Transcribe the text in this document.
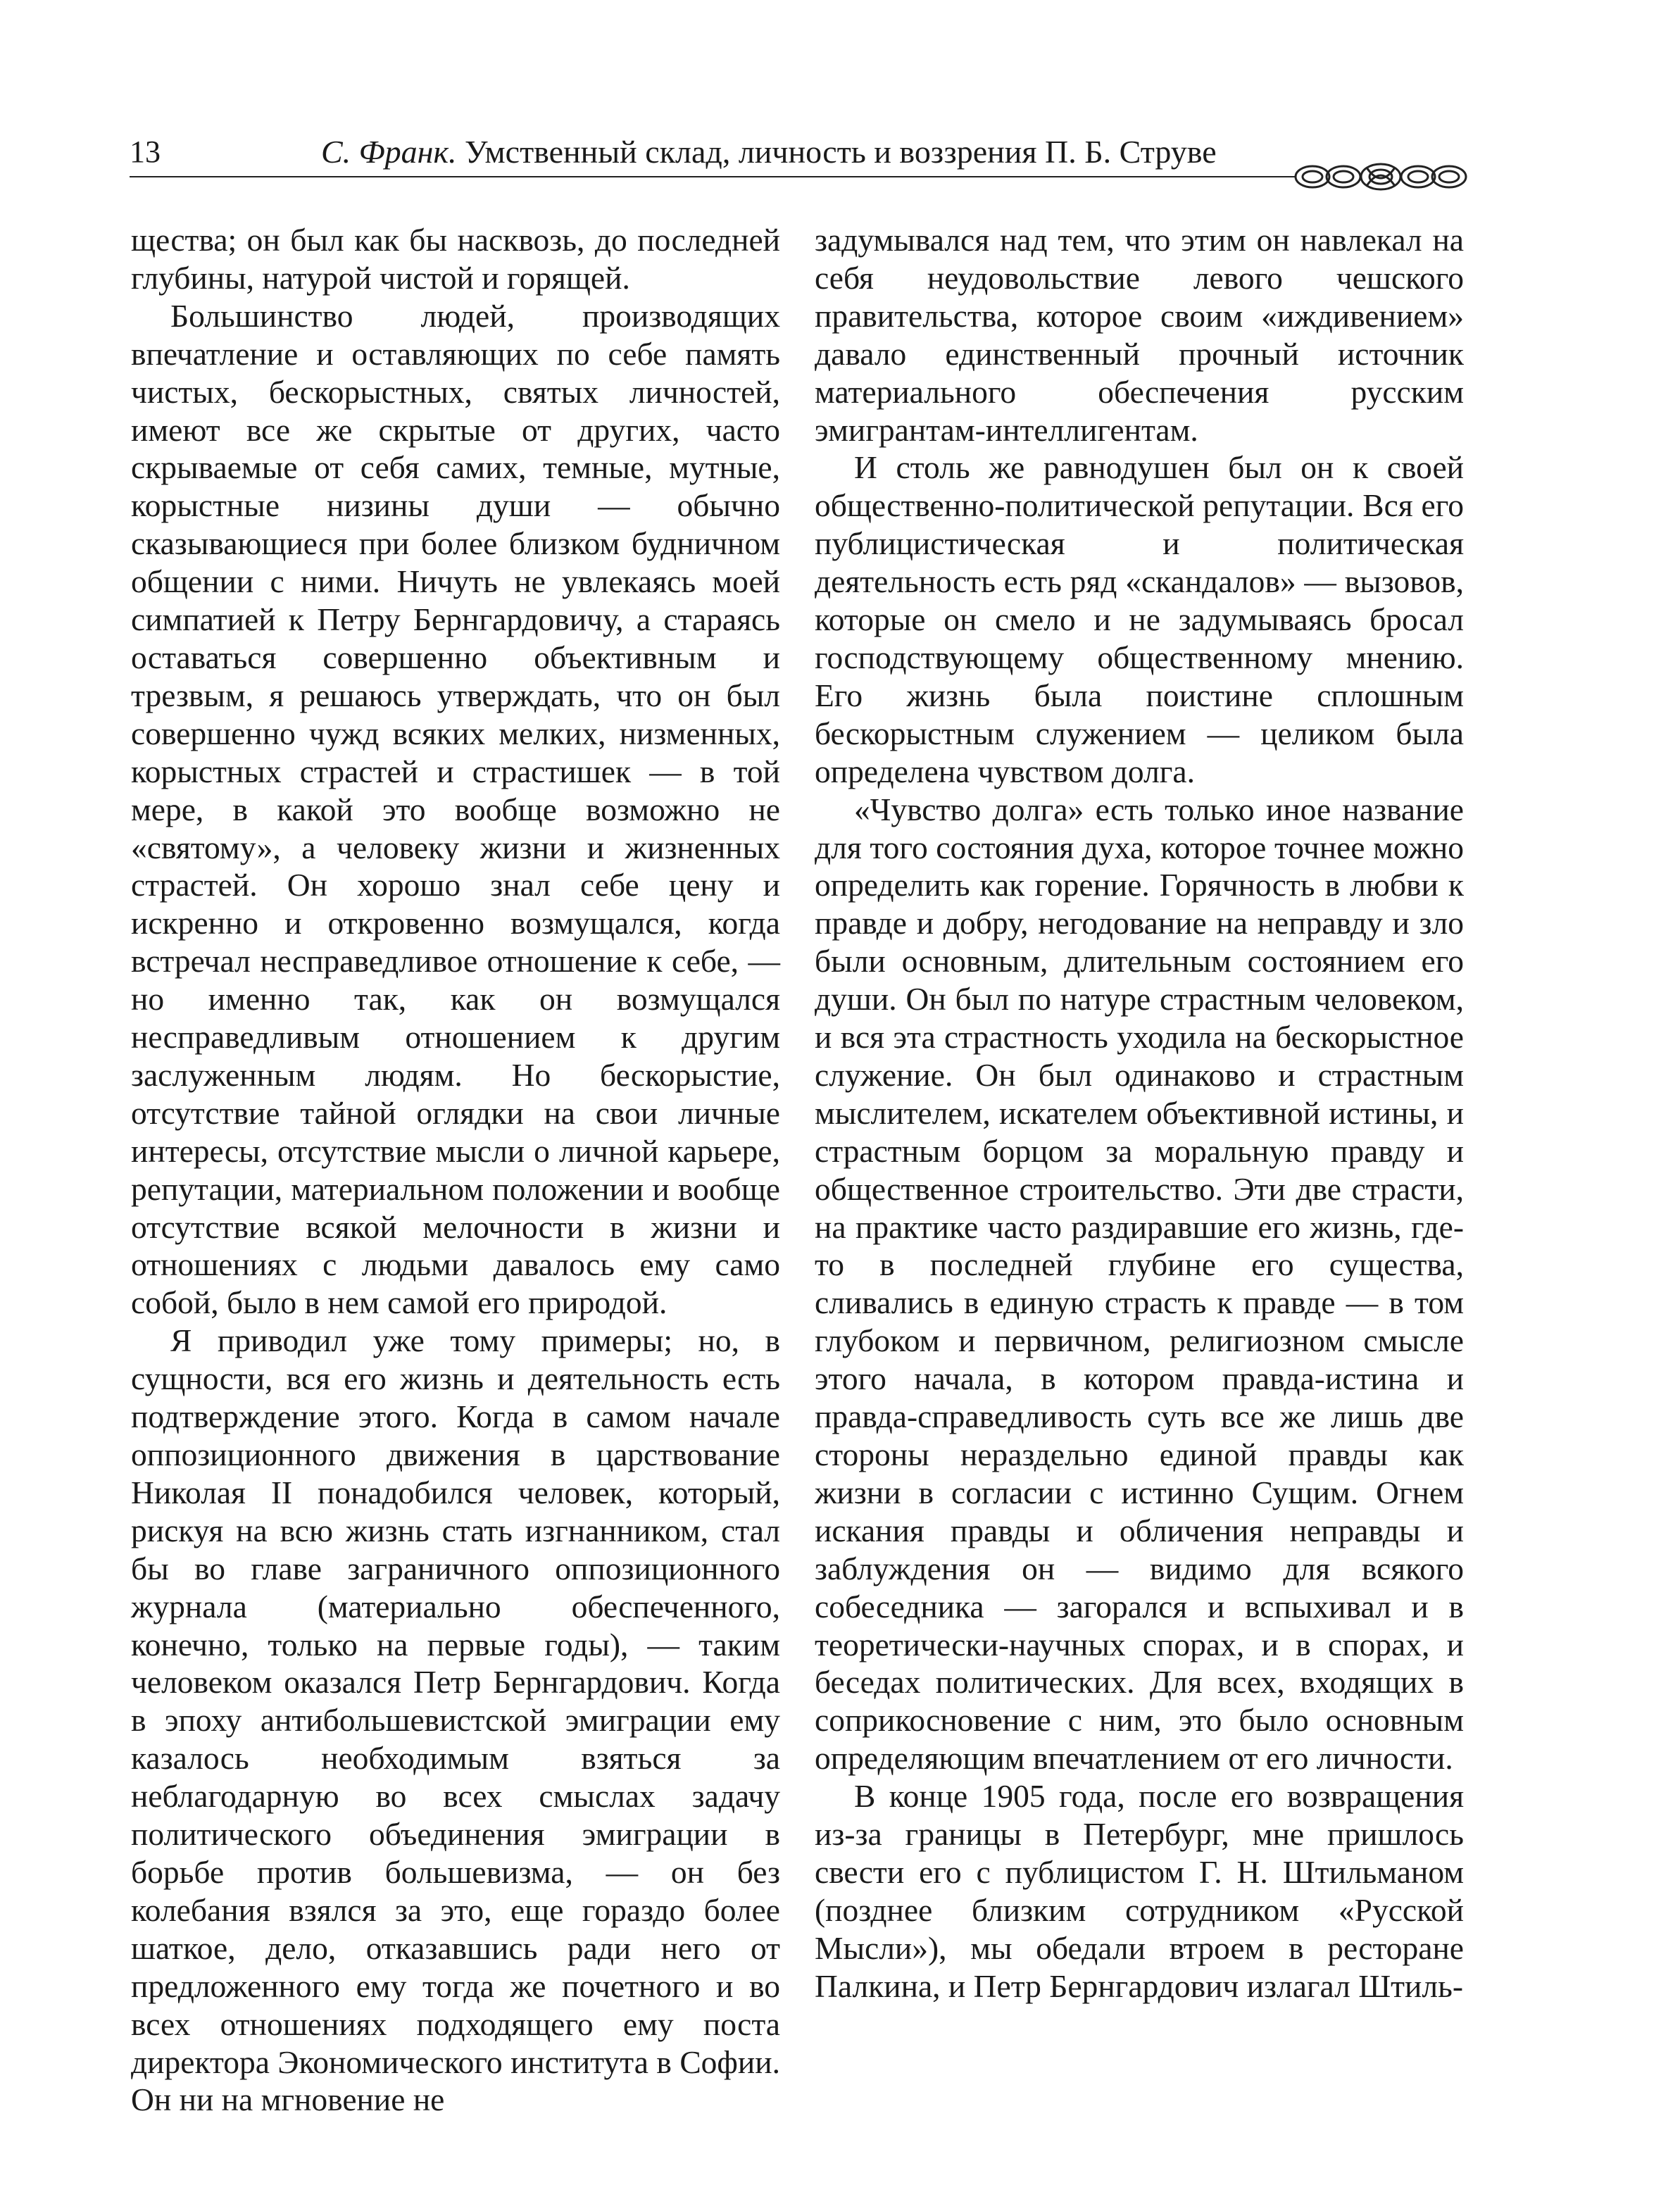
13	С. Франк. Умственный склад, личность и воззрения П. Б. Струве

щества; он был как бы насквозь, до последней глубины, натурой чистой и горящей.

Большинство людей, производящих впечатление и оставляющих по себе память чистых, бескорыстных, святых личностей, имеют все же скрытые от других, часто скрываемые от себя самих, темные, мутные, корыстные низины души — обычно сказывающиеся при более близком будничном общении с ними. Ничуть не увлекаясь моей симпатией к Петру Бернгардовичу, а стараясь оставаться совершенно объективным и трезвым, я решаюсь утверждать, что он был совершенно чужд всяких мелких, низменных, корыстных страстей и страстишек — в той мере, в какой это вообще возможно не «святому», а человеку жизни и жизненных страстей. Он хорошо знал себе цену и искренно и откровенно возмущался, когда встречал несправедливое отношение к себе, — но именно так, как он возмущался несправедливым отношением к другим заслуженным людям. Но бескорыстие, отсутствие тайной оглядки на свои личные интересы, отсутствие мысли о личной карьере, репутации, материальном положении и вообще отсутствие всякой мелочности в жизни и отношениях с людьми давалось ему само собой, было в нем самой его природой.

Я приводил уже тому примеры; но, в сущности, вся его жизнь и деятельность есть подтверждение этого. Когда в самом начале оппозиционного движения в царствование Николая II понадобился человек, который, рискуя на всю жизнь стать изгнанником, стал бы во главе заграничного оппозиционного журнала (материально обеспеченного, конечно, только на первые годы), — таким человеком оказался Петр Бернгардович. Когда в эпоху антибольшевистской эмиграции ему казалось необходимым взяться за неблагодарную во всех смыслах задачу политического объединения эмиграции в борьбе против большевизма, — он без колебания взялся за это, еще гораздо более шаткое, дело, отказавшись ради него от предложенного ему тогда же почетного и во всех отношениях подходящего ему поста директора Экономического института в Софии. Он ни на мгновение не

задумывался над тем, что этим он навлекал на себя неудовольствие левого чешского правительства, которое своим «иждивением» давало единственный прочный источник материального обеспечения русским эмигрантам-интеллигентам.

И столь же равнодушен был он к своей общественно-политической репутации. Вся его публицистическая и политическая деятельность есть ряд «скандалов» — вызовов, которые он смело и не задумываясь бросал господствующему общественному мнению. Его жизнь была поистине сплошным бескорыстным служением — целиком была определена чувством долга.

«Чувство долга» есть только иное название для того состояния духа, которое точнее можно определить как горение. Горячность в любви к правде и добру, негодование на неправду и зло были основным, длительным состоянием его души. Он был по натуре страстным человеком, и вся эта страстность уходила на бескорыстное служение. Он был одинаково и страстным мыслителем, искателем объективной истины, и страстным борцом за моральную правду и общественное строительство. Эти две страсти, на практике часто раздиравшие его жизнь, где-то в последней глубине его существа, сливались в единую страсть к правде — в том глубоком и первичном, религиозном смысле этого начала, в котором правда-истина и правда-справедливость суть все же лишь две стороны нераздельно единой правды как жизни в согласии с истинно Сущим. Огнем искания правды и обличения неправды и заблуждения он — видимо для всякого собеседника — загорался и вспыхивал и в теоретически-научных спорах, и в спорах, и беседах политических. Для всех, входящих в соприкосновение с ним, это было основным определяющим впечатлением от его личности.

В конце 1905 года, после его возвращения из-за границы в Петербург, мне пришлось свести его с публицистом Г. Н. Штильманом (позднее близким сотрудником «Русской Мысли»), мы обедали втроем в ресторане Палкина, и Петр Бернгардович излагал Штиль-
